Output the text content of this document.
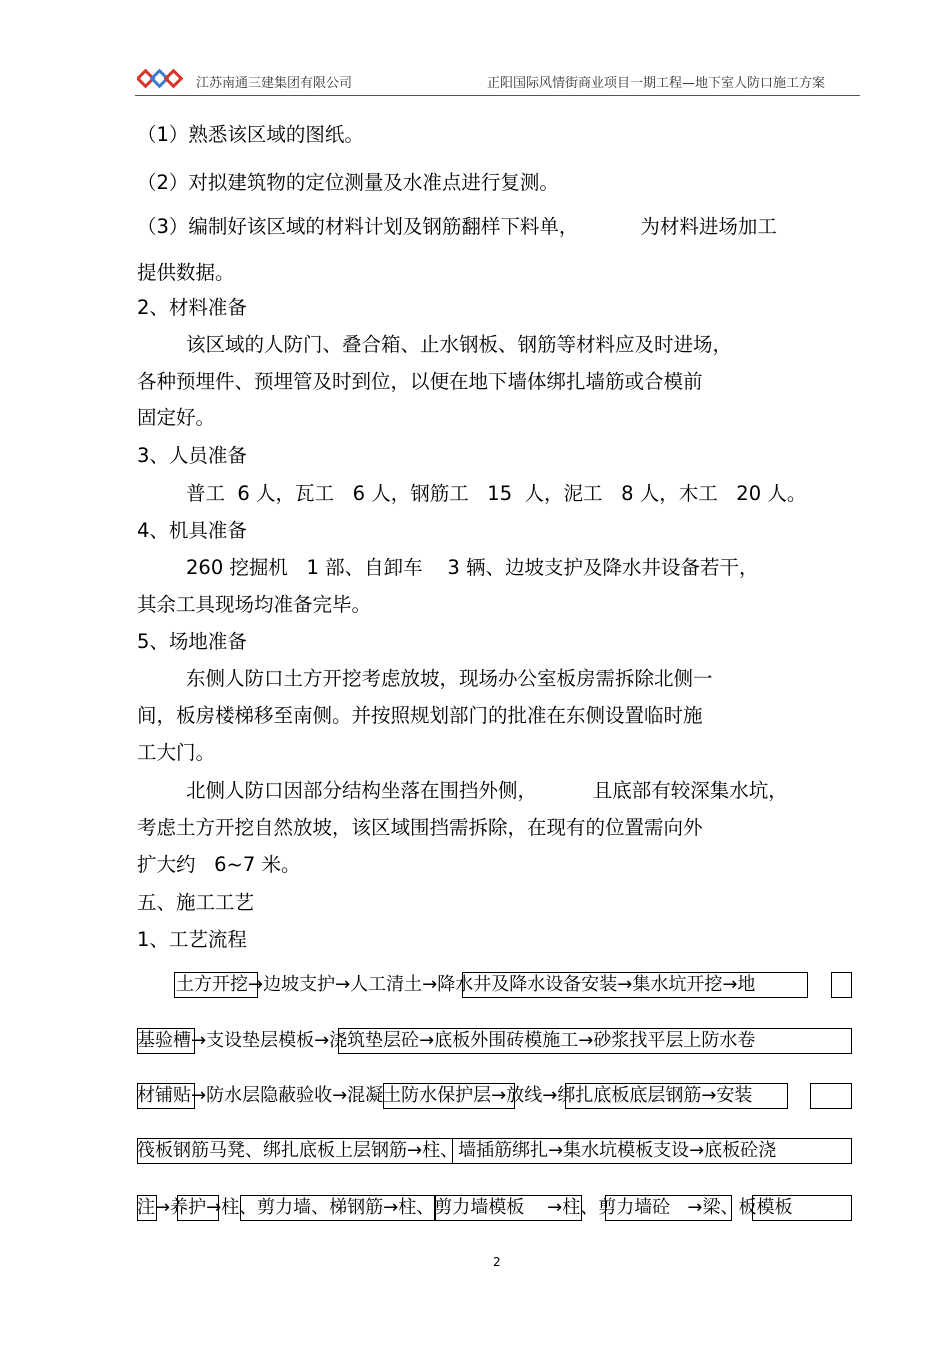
江苏南通三建集团有限公司	正阳国际风情街商业项目一期工程—地下室人防口施工方案
（1）熟悉该区域的图纸。
（2）对拟建筑物的定位测量及水准点进行复测。
（3）编制好该区域的材料计划及钢筋翻样下料单，          为材料进场加工
提供数据。
2、材料准备
该区域的人防门、叠合箱、止水钢板、钢筋等材料应及时进场，
各种预埋件、预埋管及时到位，以便在地下墙体绑扎墙筋或合模前
固定好。
3、人员准备
普工  6 人，瓦工   6 人，钢筋工   15  人，泥工   8 人，木工   20 人。
4、机具准备
260 挖掘机   1 部、自卸车    3 辆、边坡支护及降水井设备若干，
其余工具现场均准备完毕。
5、场地准备
东侧人防口土方开挖考虑放坡，现场办公室板房需拆除北侧一
间，板房楼梯移至南侧。并按照规划部门的批准在东侧设置临时施
工大门。
北侧人防口因部分结构坐落在围挡外侧，         且底部有较深集水坑，
考虑土方开挖自然放坡，该区域围挡需拆除，在现有的位置需向外
扩大约   6~7 米。
五、施工工艺
1、工艺流程
土方开挖→边坡支护→人工清土→降水井及降水设备安装→集水坑开挖→地
基验槽→支设垫层模板→浇筑垫层砼→底板外围砖模施工→砂浆找平层上防水卷
材铺贴→防水层隐蔽验收→混凝土防水保护层→放线→绑扎底板底层钢筋→安装
筏板钢筋马凳、绑扎底板上层钢筋→柱、墙插筋绑扎→集水坑模板支设→底板砼浇
注→养护→柱、剪力墙、梯钢筋→柱、剪力墙模板    →柱、剪力墙砼   →梁、板模板
2
